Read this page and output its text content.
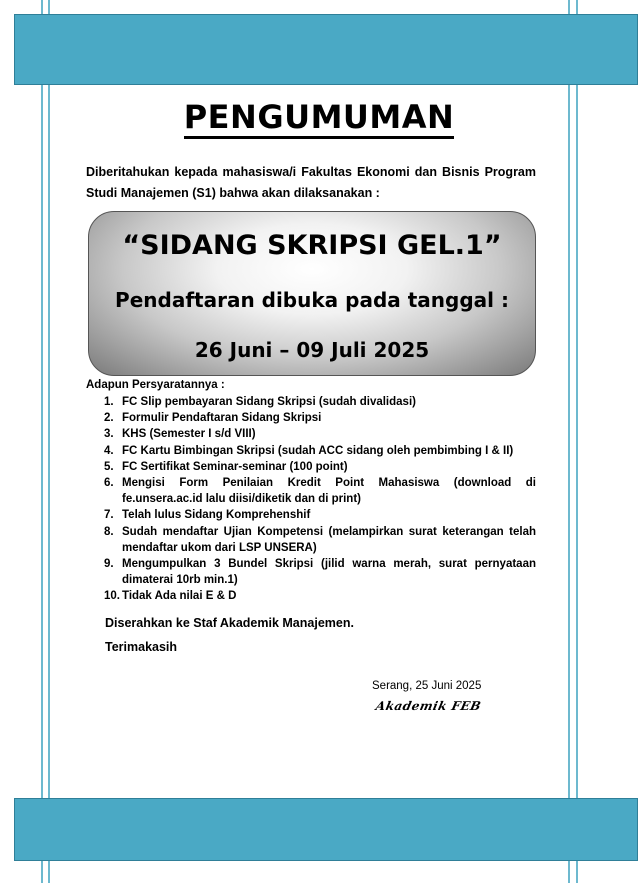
PENGUMUMAN
Diberitahukan kepada mahasiswa/i Fakultas Ekonomi dan Bisnis Program Studi Manajemen (S1) bahwa akan dilaksanakan :
“SIDANG SKRIPSI GEL.1”
Pendaftaran dibuka pada tanggal :
26 Juni – 09 Juli 2025
Adapun Persyaratannya :
1. FC Slip pembayaran Sidang Skripsi (sudah divalidasi)
2. Formulir Pendaftaran Sidang Skripsi
3. KHS (Semester I s/d VIII)
4. FC Kartu Bimbingan Skripsi (sudah ACC sidang oleh pembimbing I & II)
5. FC Sertifikat Seminar-seminar (100 point)
6. Mengisi Form Penilaian Kredit Point Mahasiswa (download di fe.unsera.ac.id lalu diisi/diketik dan di print)
7. Telah lulus Sidang Komprehenshif
8. Sudah mendaftar Ujian Kompetensi (melampirkan surat keterangan telah mendaftar ukom dari LSP UNSERA)
9. Mengumpulkan 3 Bundel Skripsi (jilid warna merah, surat pernyataan dimaterai 10rb min.1)
10. Tidak Ada nilai E & D
Diserahkan ke Staf Akademik Manajemen.
Terimakasih
Serang, 25 Juni 2025
Akademik FEB
